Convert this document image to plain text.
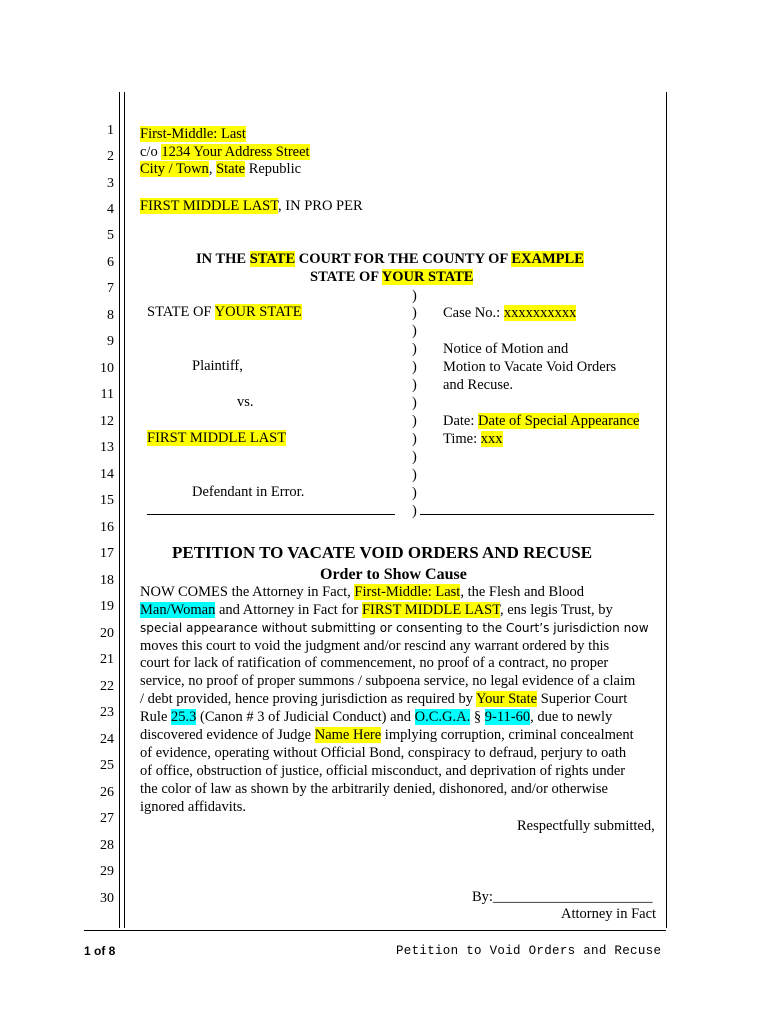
1
2
3
4
5
6
7
8
9
10
11
12
13
14
15
16
17
18
19
20
21
22
23
24
25
26
27
28
29
30
First-Middle: Last
c/o 1234 Your Address Street
City / Town, State Republic
FIRST MIDDLE LAST, IN PRO PER
IN THE STATE COURT FOR THE COUNTY OF EXAMPLE
STATE OF YOUR STATE
STATE OF YOUR STATE
Plaintiff,
vs.
FIRST MIDDLE LAST
Defendant in Error.
)
)
)
)
)
)
)
)
)
)
)
)
)
Case No.: xxxxxxxxxx
Notice of Motion and
Motion to Vacate Void Orders
and Recuse.
Date: Date of Special Appearance
Time: xxx
PETITION TO VACATE VOID ORDERS AND RECUSE
Order to Show Cause
NOW COMES the Attorney in Fact, First-Middle: Last, the Flesh and Blood
Man/Woman and Attorney in Fact for FIRST MIDDLE LAST, ens legis Trust, by
special appearance without submitting or consenting to the Court’s jurisdiction now
moves this court to void the judgment and/or rescind any warrant ordered by this
court for lack of ratification of commencement, no proof of a contract, no proper
service, no proof of proper summons / subpoena service, no legal evidence of a claim
/ debt provided, hence proving jurisdiction as required by Your State Superior Court
Rule 25.3 (Canon # 3 of Judicial Conduct) and O.C.G.A. § 9-11-60, due to newly
discovered evidence of Judge Name Here implying corruption, criminal concealment
of evidence, operating without Official Bond, conspiracy to defraud, perjury to oath
of office, obstruction of justice, official misconduct, and deprivation of rights under
the color of law as shown by the arbitrarily denied, dishonored, and/or otherwise
ignored affidavits.
Respectfully submitted,
By:______________________
Attorney in Fact
1 of 8	Petition to Void Orders and Recuse
